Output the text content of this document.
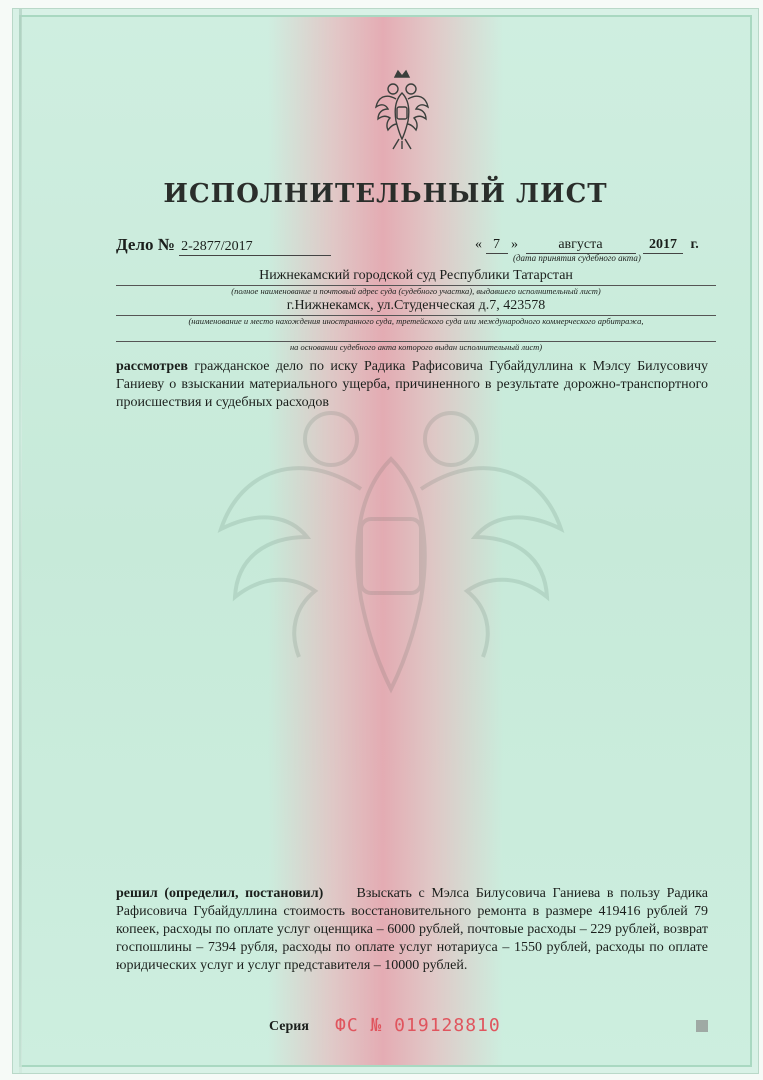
ИСПОЛНИТЕЛЬНЫЙ ЛИСТ
Дело № 2-2877/2017	« 7 »	августа	2017 г.
(дата принятия судебного акта)
Нижнекамский городской суд Республики Татарстан
(полное наименование и почтовый адрес суда (судебного участка), выдавшего исполнительный лист)
г.Нижнекамск, ул.Студенческая д.7, 423578
(наименование и место нахождения иностранного суда, третейского суда или международного коммерческого арбитража,
на основании судебного акта которого выдан исполнительный лист)
рассмотрев гражданское дело по иску Радика Рафисовича Губайдуллина к Мэлсу Билусовичу Ганиеву о взыскании материального ущерба, причиненного в результате дорожно-транспортного происшествия и судебных расходов
решил (определил, постановил) Взыскать с Мэлса Билусовича Ганиева в пользу Радика Рафисовича Губайдуллина стоимость восстановительного ремонта в размере 419416 рублей 79 копеек, расходы по оплате услуг оценщика – 6000 рублей, почтовые расходы – 229 рублей, возврат госпошлины – 7394 рубля, расходы по оплате услуг нотариуса – 1550 рублей, расходы по оплате юридических услуг и услуг представителя – 10000 рублей.
Серия ФС № 019128810
